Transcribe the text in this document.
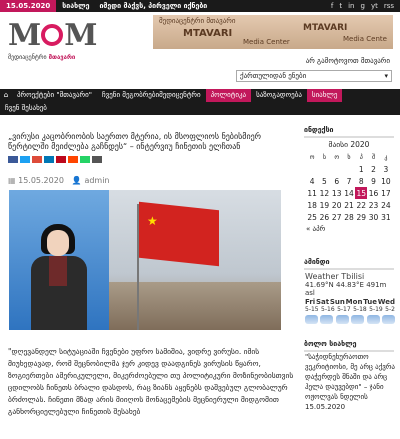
15.05.2020	სიახლე	იმედი მაქვს, პირველი იქნები	f t in g yt rss
M M
მედიაცენტრი მთავარი
მედიაცენტრი მთავარი
MTAVARI
Media Center
MTAVARI
Media Cente
არ გამოტოვოთ მთავარი
ქართულიდან ენები	▾
⌂	პროექტები "მთავარი"	ჩვენი მეგობრებიმედიცენტრი	პოლიტიკა	საზოგადოება	სიახლე
ჩვენ შესახებ
„ვირუსი კაცობრიობის საერთო მტერია, ის მსოფლიოს ნებისმიერ წერტილში მეიძლება გაჩნდეს“ – ინტერვიუ ჩინეთის ელჩთან
▦ 15.05.2020 👤 admin
★
"დღევანდელ სიტუაციაში ჩვენები უფრო სამიშია, ვიდრე ვირუსი. იმის მიუხედავად, რომ შეცნობილმა ჯერ კიდევ დაადგინეს ვირუსის წყარო, ზოგიერთები ამერიკულელი, მიკერძოებული თუ პოლიტიკური მოზინეობისთვის ცდილობს ჩინეთს ბრალი დასდოს, რაც ზიანს აყენებს დაშვებულ გლობალურ ბრძოლას. ჩინეთი მზად არის მიიღოს მონაცემების მეცნიერული მიდგომით განხორციელებული ჩინეთის შესახებ
ინდექსი
მაისი 2020
ო	ს	ო	ხ	პ	შ	კ
				1	2	3
4	5	6	7	8	9	10
11	12	13	14	15	16	17
18	19	20	21	22	23	24
25	26	27	28	29	30	31
« აპრ
ამინდი
Weather Tbilisi
41.69°N 44.83°E 491m asl
Fri Sat Sun Mon Tue Wed
5-15 5-16 5-17 5-18 5-19 5-2
ბოლო სიახლე
"საჭიდნეხურაოთო ვეკრიტიოსი, მე არც აქვრა დაჭერდეს შნაში და არც ჰელა დაუვებდი" – ჯანი ოჟოლვას ნდელის 15.05.2020
